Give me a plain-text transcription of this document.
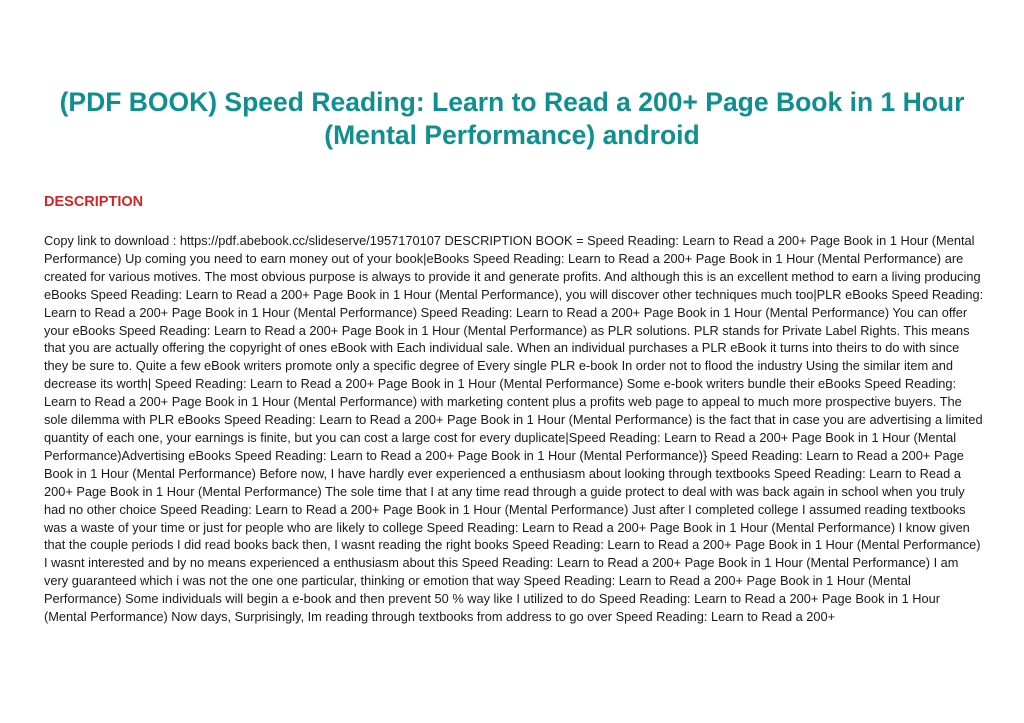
(PDF BOOK) Speed Reading: Learn to Read a 200+ Page Book in 1 Hour (Mental Performance) android
DESCRIPTION

Copy link to download : https://pdf.abebook.cc/slideserve/1957170107 DESCRIPTION BOOK = Speed Reading: Learn to Read a 200+ Page Book in 1 Hour (Mental Performance) Up coming you need to earn money out of your book|eBooks Speed Reading: Learn to Read a 200+ Page Book in 1 Hour (Mental Performance) are created for various motives. The most obvious purpose is always to provide it and generate profits. And although this is an excellent method to earn a living producing eBooks Speed Reading: Learn to Read a 200+ Page Book in 1 Hour (Mental Performance), you will discover other techniques much too|PLR eBooks Speed Reading: Learn to Read a 200+ Page Book in 1 Hour (Mental Performance) Speed Reading: Learn to Read a 200+ Page Book in 1 Hour (Mental Performance) You can offer your eBooks Speed Reading: Learn to Read a 200+ Page Book in 1 Hour (Mental Performance) as PLR solutions. PLR stands for Private Label Rights. This means that you are actually offering the copyright of ones eBook with Each individual sale. When an individual purchases a PLR eBook it turns into theirs to do with since they be sure to. Quite a few eBook writers promote only a specific degree of Every single PLR e-book In order not to flood the industry Using the similar item and decrease its worth| Speed Reading: Learn to Read a 200+ Page Book in 1 Hour (Mental Performance) Some e-book writers bundle their eBooks Speed Reading: Learn to Read a 200+ Page Book in 1 Hour (Mental Performance) with marketing content plus a profits web page to appeal to much more prospective buyers. The sole dilemma with PLR eBooks Speed Reading: Learn to Read a 200+ Page Book in 1 Hour (Mental Performance) is the fact that in case you are advertising a limited quantity of each one, your earnings is finite, but you can cost a large cost for every duplicate|Speed Reading: Learn to Read a 200+ Page Book in 1 Hour (Mental Performance)Advertising eBooks Speed Reading: Learn to Read a 200+ Page Book in 1 Hour (Mental Performance)} Speed Reading: Learn to Read a 200+ Page Book in 1 Hour (Mental Performance) Before now, I have hardly ever experienced a enthusiasm about looking through textbooks Speed Reading: Learn to Read a 200+ Page Book in 1 Hour (Mental Performance) The sole time that I at any time read through a guide protect to deal with was back again in school when you truly had no other choice Speed Reading: Learn to Read a 200+ Page Book in 1 Hour (Mental Performance) Just after I completed college I assumed reading textbooks was a waste of your time or just for people who are likely to college Speed Reading: Learn to Read a 200+ Page Book in 1 Hour (Mental Performance) I know given that the couple periods I did read books back then, I wasnt reading the right books Speed Reading: Learn to Read a 200+ Page Book in 1 Hour (Mental Performance) I wasnt interested and by no means experienced a enthusiasm about this Speed Reading: Learn to Read a 200+ Page Book in 1 Hour (Mental Performance) I am very guaranteed which i was not the one one particular, thinking or emotion that way Speed Reading: Learn to Read a 200+ Page Book in 1 Hour (Mental Performance) Some individuals will begin a e-book and then prevent 50 % way like I utilized to do Speed Reading: Learn to Read a 200+ Page Book in 1 Hour (Mental Performance) Now days, Surprisingly, Im reading through textbooks from address to go over Speed Reading: Learn to Read a 200+
